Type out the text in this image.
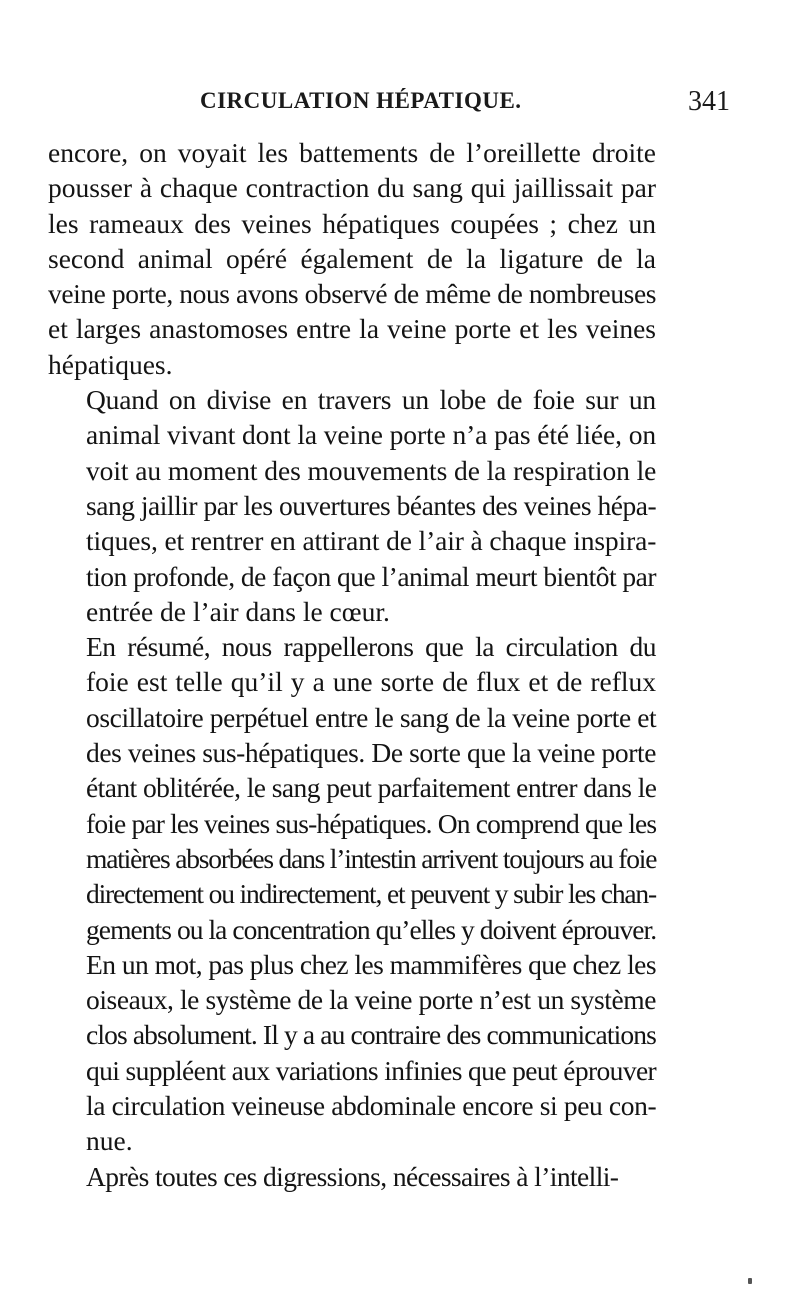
CIRCULATION HÉPATIQUE.	341

encore, on voyait les battements de l’oreillette droite
pousser à chaque contraction du sang qui jaillissait par
les rameaux des veines hépatiques coupées ; chez un
second animal opéré également de la ligature de la
veine porte, nous avons observé de même de nombreuses
et larges anastomoses entre la veine porte et les veines
hépatiques.

Quand on divise en travers un lobe de foie sur un
animal vivant dont la veine porte n’a pas été liée, on
voit au moment des mouvements de la respiration le
sang jaillir par les ouvertures béantes des veines hépa-
tiques, et rentrer en attirant de l’air à chaque inspira-
tion profonde, de façon que l’animal meurt bientôt par
entrée de l’air dans le cœur.

En résumé, nous rappellerons que la circulation du
foie est telle qu’il y a une sorte de flux et de reflux
oscillatoire perpétuel entre le sang de la veine porte et
des veines sus-hépatiques. De sorte que la veine porte
étant oblitérée, le sang peut parfaitement entrer dans le
foie par les veines sus-hépatiques. On comprend que les
matières absorbées dans l’intestin arrivent toujours au foie
directement ou indirectement, et peuvent y subir les chan-
gements ou la concentration qu’elles y doivent éprouver.
En un mot, pas plus chez les mammifères que chez les
oiseaux, le système de la veine porte n’est un système
clos absolument. Il y a au contraire des communications
qui suppléent aux variations infinies que peut éprouver
la circulation veineuse abdominale encore si peu con-
nue.

Après toutes ces digressions, nécessaires à l’intelli-
